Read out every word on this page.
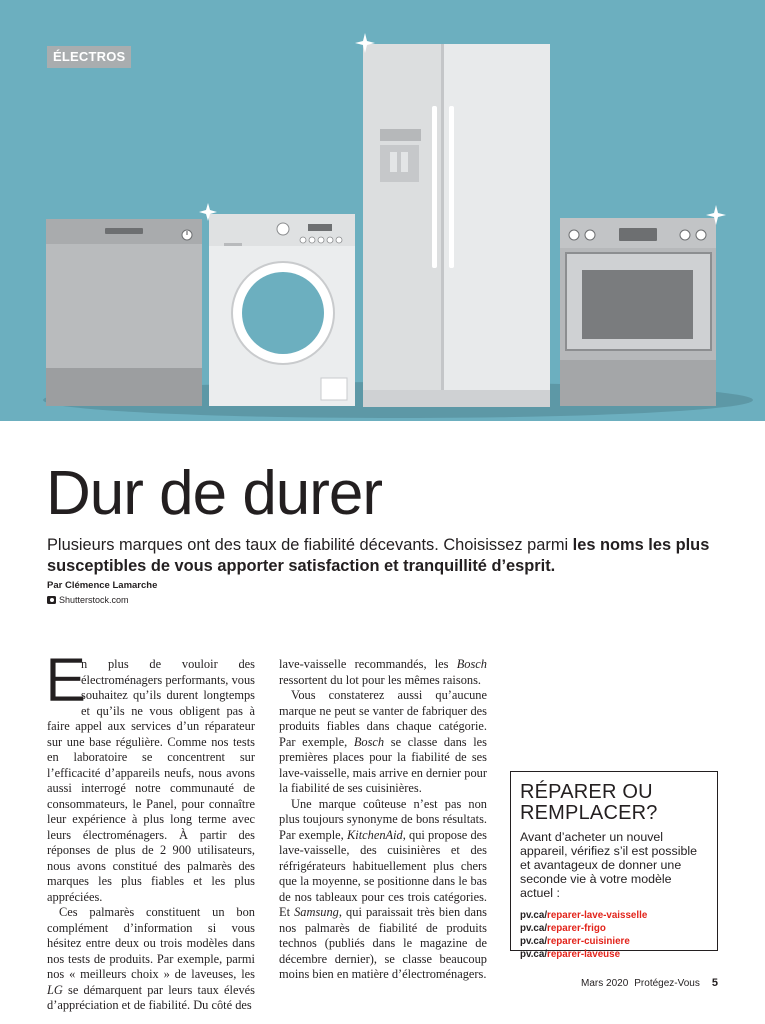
ÉLECTROS
Dur de durer
Plusieurs marques ont des taux de fiabilité décevants. Choisissez parmi les noms les plus susceptibles de vous apporter satisfaction et tranquillité d’esprit.
Par Clémence Lamarche
Shutterstock.com

E
n plus de vouloir des électroménagers performants, vous souhaitez qu’ils durent longtemps et qu’ils ne vous obligent pas à faire appel aux services d’un réparateur sur une base régulière. Comme nos tests en laboratoire se concentrent sur l’efficacité d’appareils neufs, nous avons aussi interrogé notre communauté de consommateurs, le Panel, pour connaître leur expérience à plus long terme avec leurs électroménagers. À partir des réponses de plus de 2 900 utilisateurs, nous avons constitué des palmarès des marques les plus fiables et les plus appréciées.

Ces palmarès constituent un bon complément d’information si vous hésitez entre deux ou trois modèles dans nos tests de produits. Par exemple, parmi nos « meilleurs choix » de laveuses, les LG se démarquent par leurs taux élevés d’appréciation et de fiabilité. Du côté des

lave-vaisselle recommandés, les Bosch ressortent du lot pour les mêmes raisons.

Vous constaterez aussi qu’aucune marque ne peut se vanter de fabriquer des produits fiables dans chaque catégorie. Par exemple, Bosch se classe dans les premières places pour la fiabilité de ses lave-vaisselle, mais arrive en dernier pour la fiabilité de ses cuisinières.

Une marque coûteuse n’est pas non plus toujours synonyme de bons résultats. Par exemple, KitchenAid, qui propose des lave-vaisselle, des cuisinières et des réfrigérateurs habituellement plus chers que la moyenne, se positionne dans le bas de nos tableaux pour ces trois catégories. Et Samsung, qui paraissait très bien dans nos palmarès de fiabilité de produits technos (publiés dans le magazine de décembre dernier), se classe beaucoup moins bien en matière d’électroménagers.

RÉPARER OU REMPLACER?
Avant d’acheter un nouvel appareil, vérifiez s’il est possible et avantageux de donner une seconde vie à votre modèle actuel :
pv.ca/reparer-lave-vaisselle
pv.ca/reparer-frigo
pv.ca/reparer-cuisiniere
pv.ca/reparer-laveuse
Mars 2020 Protégez-Vous 5
